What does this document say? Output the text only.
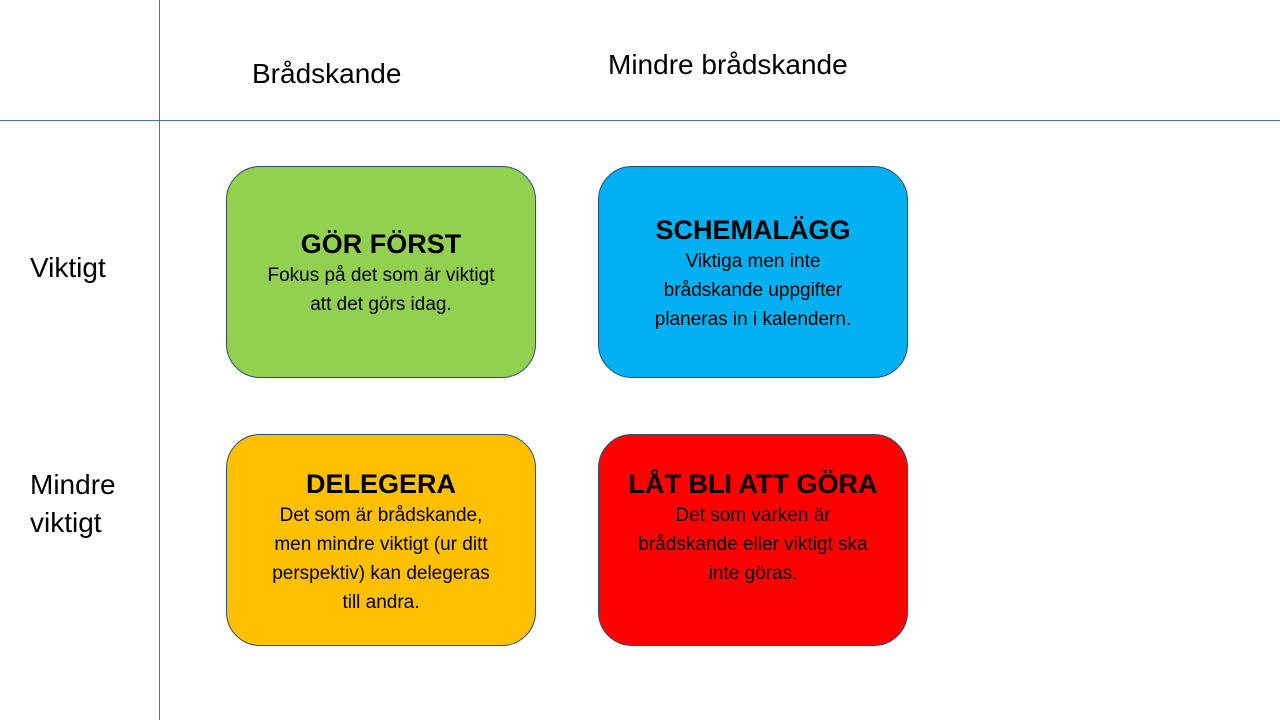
Brådskande	Mindre brådskande
Viktigt
Mindre
viktigt
GÖR FÖRST
Fokus på det som är viktigt
att det görs idag.
SCHEMALÄGG
Viktiga men inte
brådskande uppgifter
planeras in i kalendern.
DELEGERA
Det som är brådskande,
men mindre viktigt (ur ditt
perspektiv) kan delegeras
till andra.
LÅT BLI ATT GÖRA
Det som varken är
brådskande eller viktigt ska
inte göras.
